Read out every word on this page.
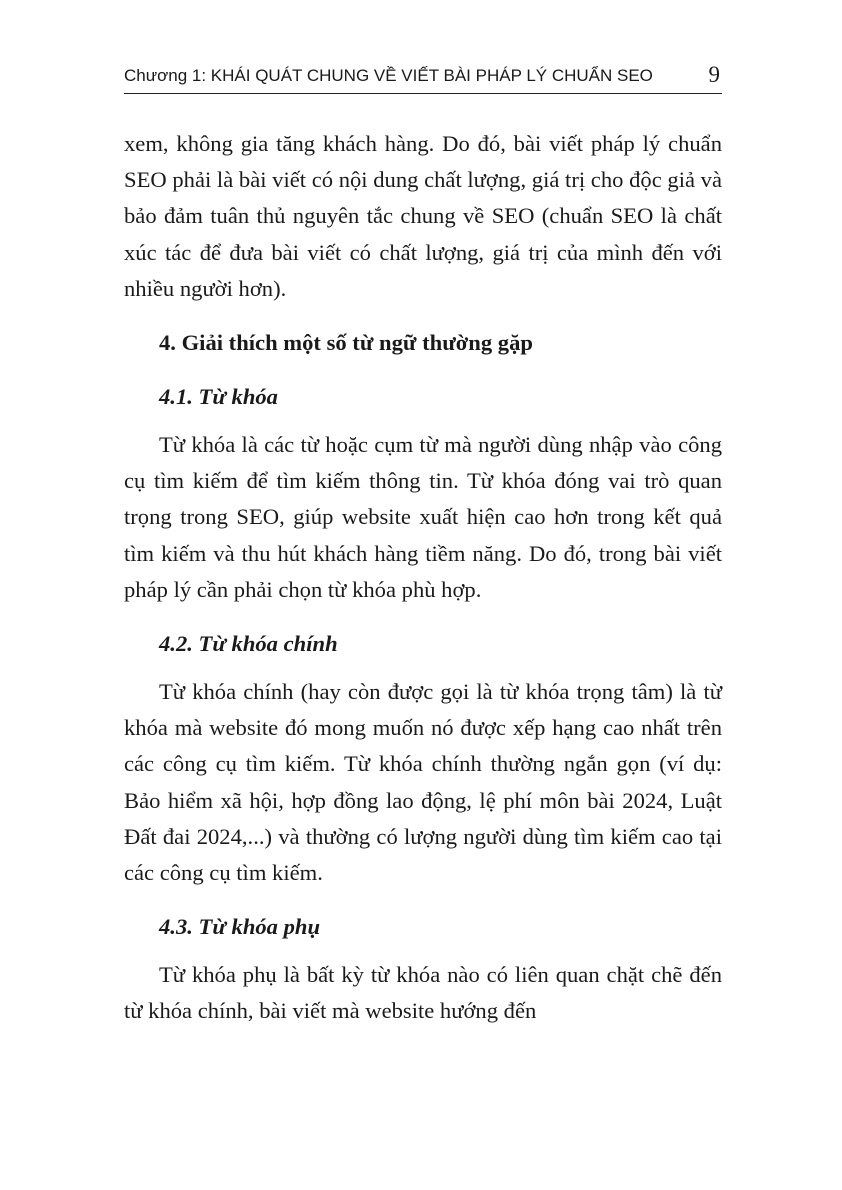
Chương 1: KHÁI QUÁT CHUNG VỀ VIẾT BÀI PHÁP LÝ CHUẨN SEO 9

xem, không gia tăng khách hàng. Do đó, bài viết pháp lý chuẩn SEO phải là bài viết có nội dung chất lượng, giá trị cho độc giả và bảo đảm tuân thủ nguyên tắc chung về SEO (chuẩn SEO là chất xúc tác để đưa bài viết có chất lượng, giá trị của mình đến với nhiều người hơn).

4. Giải thích một số từ ngữ thường gặp
4.1. Từ khóa

Từ khóa là các từ hoặc cụm từ mà người dùng nhập vào công cụ tìm kiếm để tìm kiếm thông tin. Từ khóa đóng vai trò quan trọng trong SEO, giúp website xuất hiện cao hơn trong kết quả tìm kiếm và thu hút khách hàng tiềm năng. Do đó, trong bài viết pháp lý cần phải chọn từ khóa phù hợp.

4.2. Từ khóa chính

Từ khóa chính (hay còn được gọi là từ khóa trọng tâm) là từ khóa mà website đó mong muốn nó được xếp hạng cao nhất trên các công cụ tìm kiếm. Từ khóa chính thường ngắn gọn (ví dụ: Bảo hiểm xã hội, hợp đồng lao động, lệ phí môn bài 2024, Luật Đất đai 2024,...) và thường có lượng người dùng tìm kiếm cao tại các công cụ tìm kiếm.

4.3. Từ khóa phụ

Từ khóa phụ là bất kỳ từ khóa nào có liên quan chặt chẽ đến từ khóa chính, bài viết mà website hướng đến
